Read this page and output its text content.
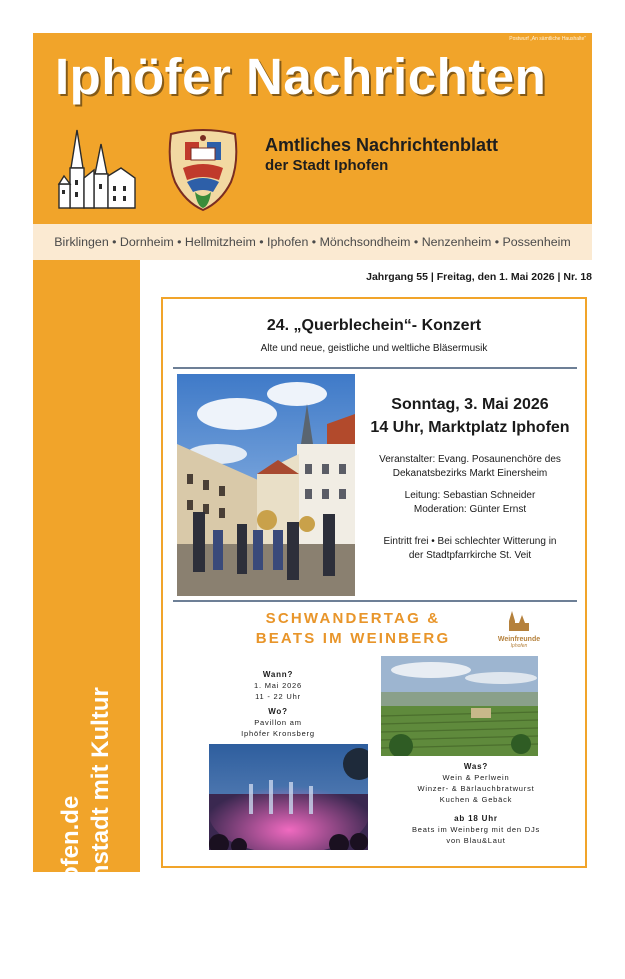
Postwurf „An sämtliche Haushalte“
Iphöfer Nachrichten
Amtliches Nachrichtenblatt
der Stadt Iphofen
Birklingen • Dornheim • Hellmitzheim • Iphofen • Mönchsondheim • Nenzenheim • Possenheim
www.iphofen.de Eine Weinstadt mit Kultur
Jahrgang 55 | Freitag, den 1. Mai 2026 | Nr. 18
24. „Querblechein“- Konzert
Alte und neue, geistliche und weltliche Bläsermusik
Sonntag, 3. Mai 2026
14 Uhr, Marktplatz Iphofen
Veranstalter: Evang. Posaunenchöre des
Dekanatsbezirks Markt Einersheim
Leitung: Sebastian Schneider
Moderation: Günter Ernst
Eintritt frei • Bei schlechter Witterung in
der Stadtpfarrkirche St. Veit
SCHWANDERTAG &
BEATS IM WEINBERG	Weinfreunde
Iphofen
Wann?
1. Mai 2026
11 - 22 Uhr
Wo?
Pavillon am
Iphöfer Kronsberg
Was?
Wein & Perlwein
Winzer- & Bärlauchbratwurst
Kuchen & Gebäck
ab 18 Uhr
Beats im Weinberg mit den DJs
von Blau&Laut
